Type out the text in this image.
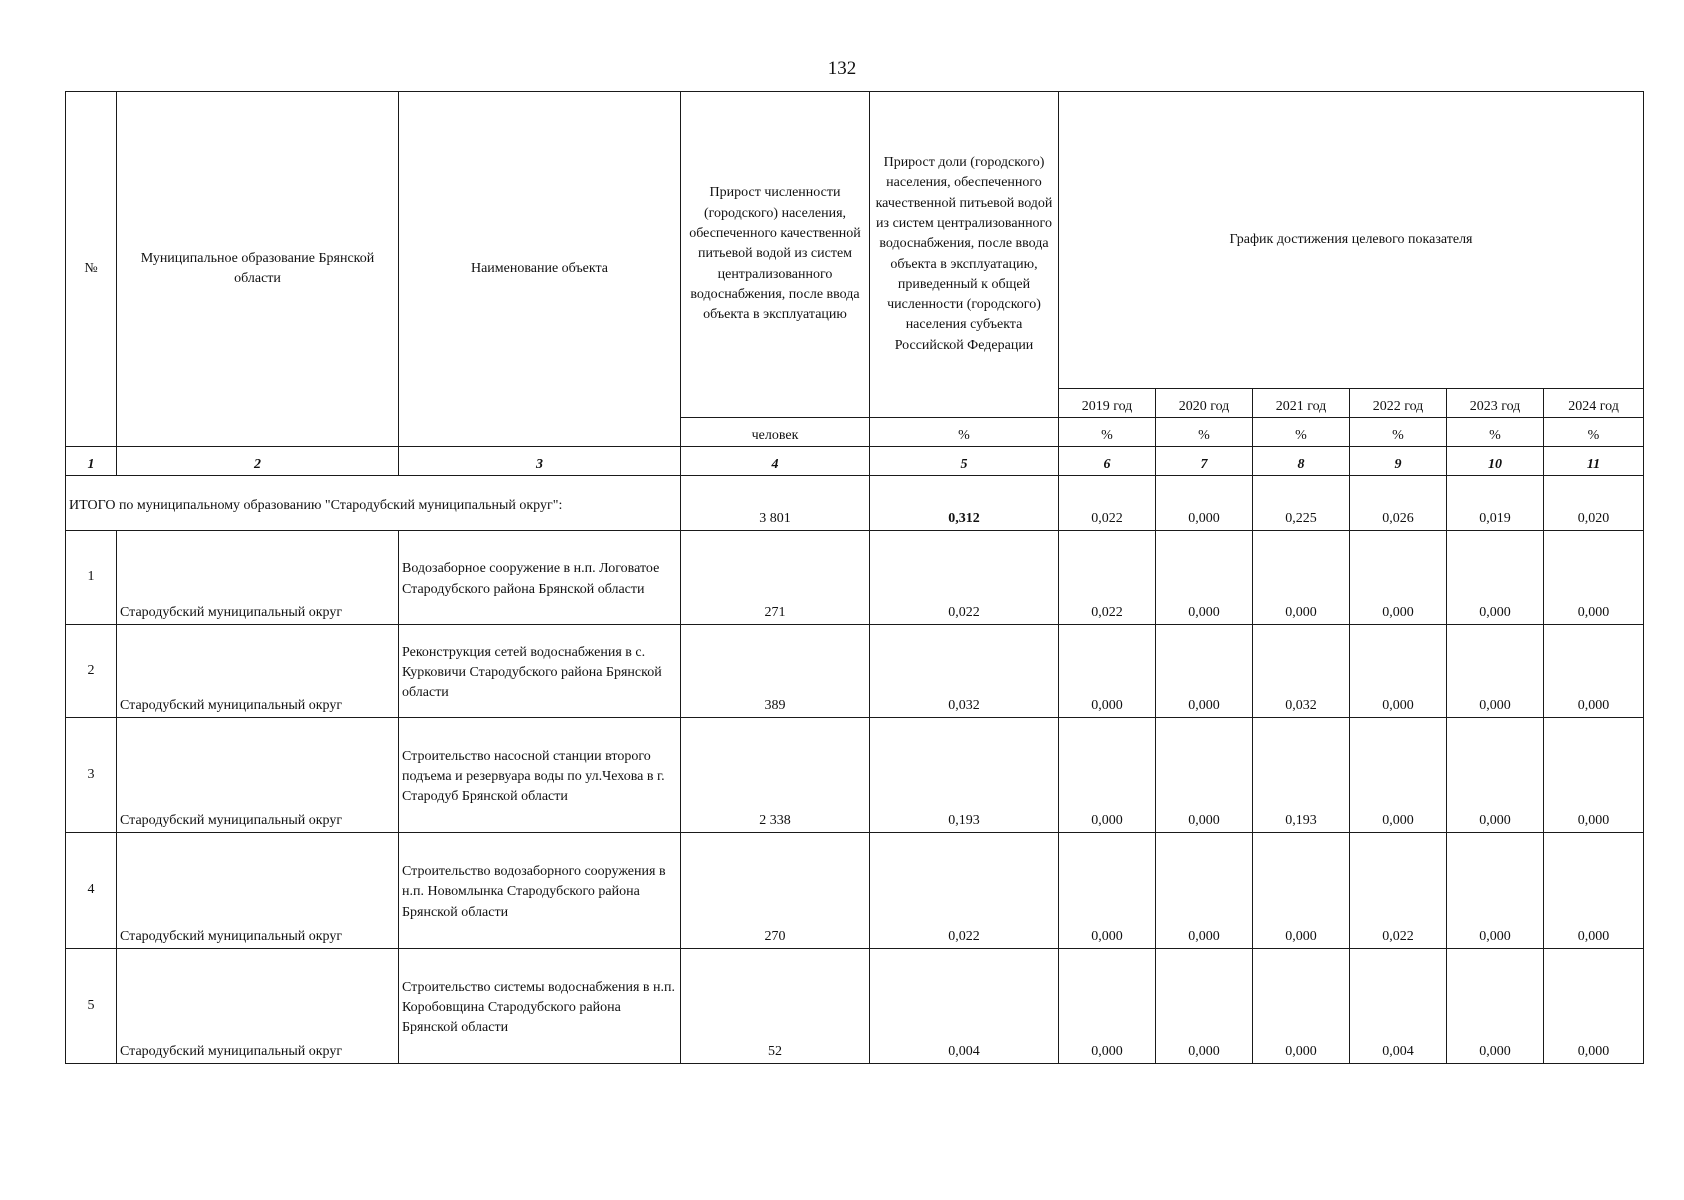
132
№	Муниципальное образование Брянской области	Наименование объекта	Прирост численности (городского) населения, обеспеченного качественной питьевой водой из систем централизованного водоснабжения, после ввода объекта в эксплуатацию	Прирост доли (городского) населения, обеспеченного качественной питьевой водой из систем централизованного водоснабжения, после ввода объекта в эксплуатацию, приведенный к общей численности (городского) населения субъекта Российской Федерации	График достижения целевого показателя					
					2019 год	2020 год	2021 год	2022 год	2023 год	2024 год
			человек	%	%	%	%	%	%	%
1	2	3	4	5	6	7	8	9	10	11
ИТОГО по муниципальному образованию "Стародубский муниципальный округ":			3 801	0,312	0,022	0,000	0,225	0,026	0,019	0,020
1	Стародубский муниципальный округ	Водозаборное сооружение в н.п. Логоватое Стародубского района Брянской области	271	0,022	0,022	0,000	0,000	0,000	0,000	0,000
2	Стародубский муниципальный округ	Реконструкция сетей водоснабжения в с. Курковичи Стародубского района Брянской области	389	0,032	0,000	0,000	0,032	0,000	0,000	0,000
3	Стародубский муниципальный округ	Строительство насосной станции второго подъема и резервуара воды по ул.Чехова в г. Стародуб Брянской области	2 338	0,193	0,000	0,000	0,193	0,000	0,000	0,000
4	Стародубский муниципальный округ	Строительство водозаборного сооружения в н.п. Новомлынка Стародубского района Брянской области	270	0,022	0,000	0,000	0,000	0,022	0,000	0,000
5	Стародубский муниципальный округ	Строительство системы водоснабжения в н.п. Коробовщина Стародубского района Брянской области	52	0,004	0,000	0,000	0,000	0,004	0,000	0,000
